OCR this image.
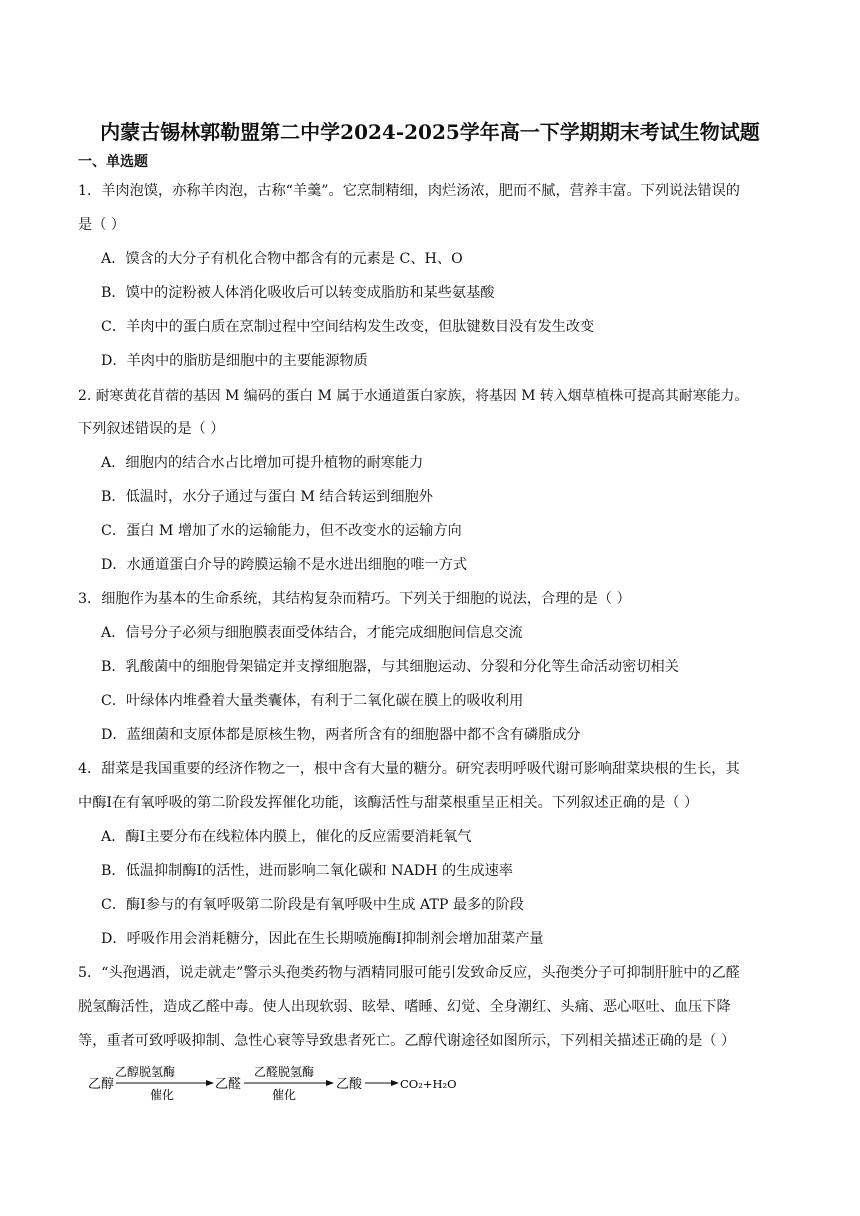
内蒙古锡林郭勒盟第二中学2024-2025学年高一下学期期末考试生物试题
一、单选题
1．羊肉泡馍，亦称羊肉泡，古称“羊羹”。它烹制精细，肉烂汤浓，肥而不腻，营养丰富。下列说法错误的
是（ ）
A．馍含的大分子有机化合物中都含有的元素是 C、H、O
B．馍中的淀粉被人体消化吸收后可以转变成脂肪和某些氨基酸
C．羊肉中的蛋白质在烹制过程中空间结构发生改变，但肽键数目没有发生改变
D．羊肉中的脂肪是细胞中的主要能源物质
2. 耐寒黄花苜蓿的基因 M 编码的蛋白 M 属于水通道蛋白家族，将基因 M 转入烟草植株可提高其耐寒能力。
下列叙述错误的是（ ）
A．细胞内的结合水占比增加可提升植物的耐寒能力
B．低温时，水分子通过与蛋白 M 结合转运到细胞外
C．蛋白 M 增加了水的运输能力，但不改变水的运输方向
D．水通道蛋白介导的跨膜运输不是水进出细胞的唯一方式
3．细胞作为基本的生命系统，其结构复杂而精巧。下列关于细胞的说法，合理的是（ ）
A．信号分子必须与细胞膜表面受体结合，才能完成细胞间信息交流
B．乳酸菌中的细胞骨架锚定并支撑细胞器，与其细胞运动、分裂和分化等生命活动密切相关
C．叶绿体内堆叠着大量类囊体，有利于二氧化碳在膜上的吸收利用
D．蓝细菌和支原体都是原核生物，两者所含有的细胞器中都不含有磷脂成分
4．甜菜是我国重要的经济作物之一，根中含有大量的糖分。研究表明呼吸代谢可影响甜菜块根的生长，其
中酶Ⅰ在有氧呼吸的第二阶段发挥催化功能，该酶活性与甜菜根重呈正相关。下列叙述正确的是（ ）
A．酶Ⅰ主要分布在线粒体内膜上，催化的反应需要消耗氧气
B．低温抑制酶Ⅰ的活性，进而影响二氧化碳和 NADH 的生成速率
C．酶Ⅰ参与的有氧呼吸第二阶段是有氧呼吸中生成 ATP 最多的阶段
D．呼吸作用会消耗糖分，因此在生长期喷施酶Ⅰ抑制剂会增加甜菜产量
5．“头孢遇酒，说走就走”警示头孢类药物与酒精同服可能引发致命反应，头孢类分子可抑制肝脏中的乙醛
脱氢酶活性，造成乙醛中毒。使人出现软弱、眩晕、嗜睡、幻觉、全身潮红、头痛、恶心呕吐、血压下降
等，重者可致呼吸抑制、急性心衰等导致患者死亡。乙醇代谢途径如图所示，下列相关描述正确的是（ ）
乙醇
乙醇脱氢酶
催化
乙醛
乙醛脱氢酶
催化
乙酸	CO₂+H₂O
